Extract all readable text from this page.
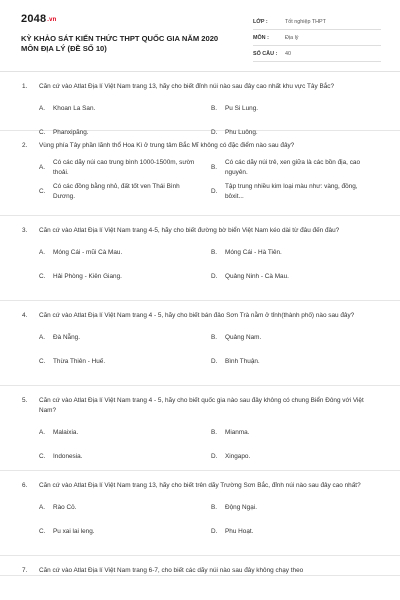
2048.vn
KỲ KHẢO SÁT KIẾN THỨC THPT QUỐC GIA NĂM 2020
MÔN ĐỊA LÝ (ĐỀ SỐ 10)
LỚP :	Tốt nghiệp THPT
MÔN :	Địa lý
SỐ CÂU :	40
1.	Căn cứ vào Atlat Địa lí Việt Nam trang 13, hãy cho biết đỉnh núi nào sau đây cao nhất khu vực Tây Bắc?
A.	Khoan La San.	B.	Pu Si Lung.
C.	Phanxipăng.	D.	Phu Luông.
2.	Vùng phía Tây phần lãnh thổ Hoa Kì ở trung tâm Bắc Mĩ không có đặc điểm nào sau đây?
A.
Có các dãy núi cao trung bình 1000-1500m, sườn thoải.
B.
Có các dãy núi trẻ, xen giữa là các bồn địa, cao nguyên.
C.
Có các đồng bằng nhỏ, đất tốt ven Thái Bình Dương.
D.
Tập trung nhiều kim loại màu như: vàng, đồng, bôxit...
3.	Căn cứ vào Atlat Địa lí Việt Nam trang 4-5, hãy cho biết đường bờ biển Việt Nam kéo dài từ đâu đến đâu?
A.	Móng Cái - mũi Cà Mau.	B.	Móng Cái - Hà Tiên.
C.	Hải Phòng - Kiên Giang.	D.	Quảng Ninh - Cà Mau.
4.	Căn cứ vào Atlat Địa lí Việt Nam trang 4 - 5, hãy cho biết bán đảo Sơn Trà nằm ở tỉnh(thành phố) nào sau đây?
A.	Đà Nẵng.	B.	Quảng Nam.
C.	Thừa Thiên - Huế.	D.	Bình Thuận.
5.	Căn cứ vào Atlat Địa lí Việt Nam trang 4 - 5, hãy cho biết quốc gia nào sau đây không có chung Biển Đông với Việt Nam?
A.	Malaixia.	B.	Mianma.
C.	Indonesia.	D.	Xingapo.
6.	Căn cứ vào Atlat Địa lí Việt Nam trang 13, hãy cho biết trên dãy Trường Sơn Bắc, đỉnh núi nào sau đây cao nhất?
A.	Rào Cỏ.	B.	Động Ngại.
C.	Pu xai lai leng.	D.	Phu Hoạt.
7.	Căn cứ vào Atlat Địa lí Việt Nam trang 6-7, cho biết các dãy núi nào sau đây không chạy theo
